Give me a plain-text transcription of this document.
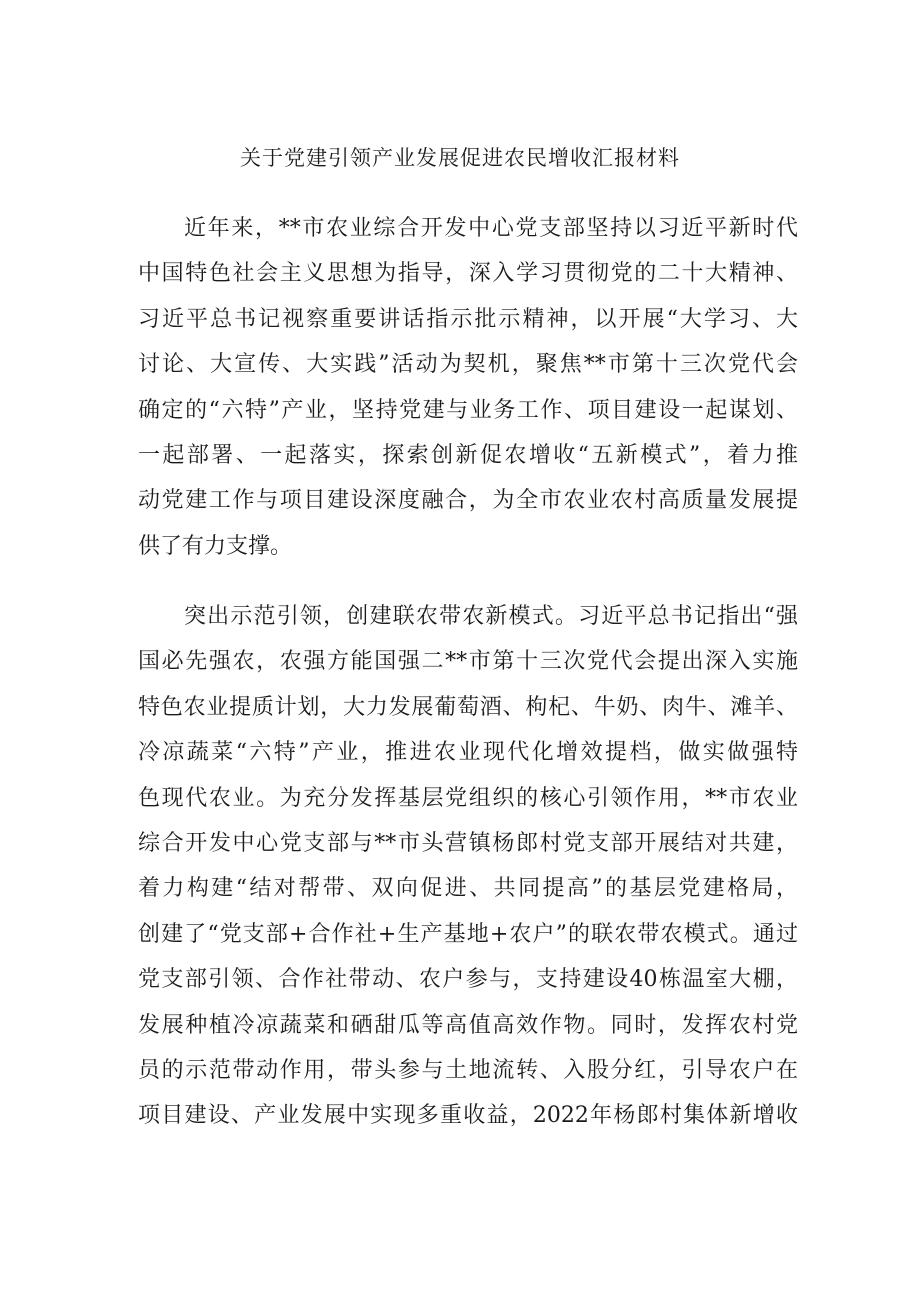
关于党建引领产业发展促进农民增收汇报材料
近年来，**市农业综合开发中心党支部坚持以习近平新时代
中国特色社会主义思想为指导，深入学习贯彻党的二十大精神、
习近平总书记视察重要讲话指示批示精神，以开展“大学习、大
讨论、大宣传、大实践”活动为契机，聚焦**市第十三次党代会
确定的“六特”产业，坚持党建与业务工作、项目建设一起谋划、
一起部署、一起落实，探索创新促农增收“五新模式”，着力推
动党建工作与项目建设深度融合，为全市农业农村高质量发展提
供了有力支撑。
突出示范引领，创建联农带农新模式。习近平总书记指出“强
国必先强农，农强方能国强二**市第十三次党代会提出深入实施
特色农业提质计划，大力发展葡萄酒、枸杞、牛奶、肉牛、滩羊、
冷凉蔬菜“六特”产业，推进农业现代化增效提档，做实做强特
色现代农业。为充分发挥基层党组织的核心引领作用，**市农业
综合开发中心党支部与**市头营镇杨郎村党支部开展结对共建，
着力构建“结对帮带、双向促进、共同提高”的基层党建格局，
创建了“党支部+合作社+生产基地+农户”的联农带农模式。通过
党支部引领、合作社带动、农户参与，支持建设40栋温室大棚，
发展种植冷凉蔬菜和硒甜瓜等高值高效作物。同时，发挥农村党
员的示范带动作用，带头参与土地流转、入股分红，引导农户在
项目建设、产业发展中实现多重收益，2022年杨郎村集体新增收
